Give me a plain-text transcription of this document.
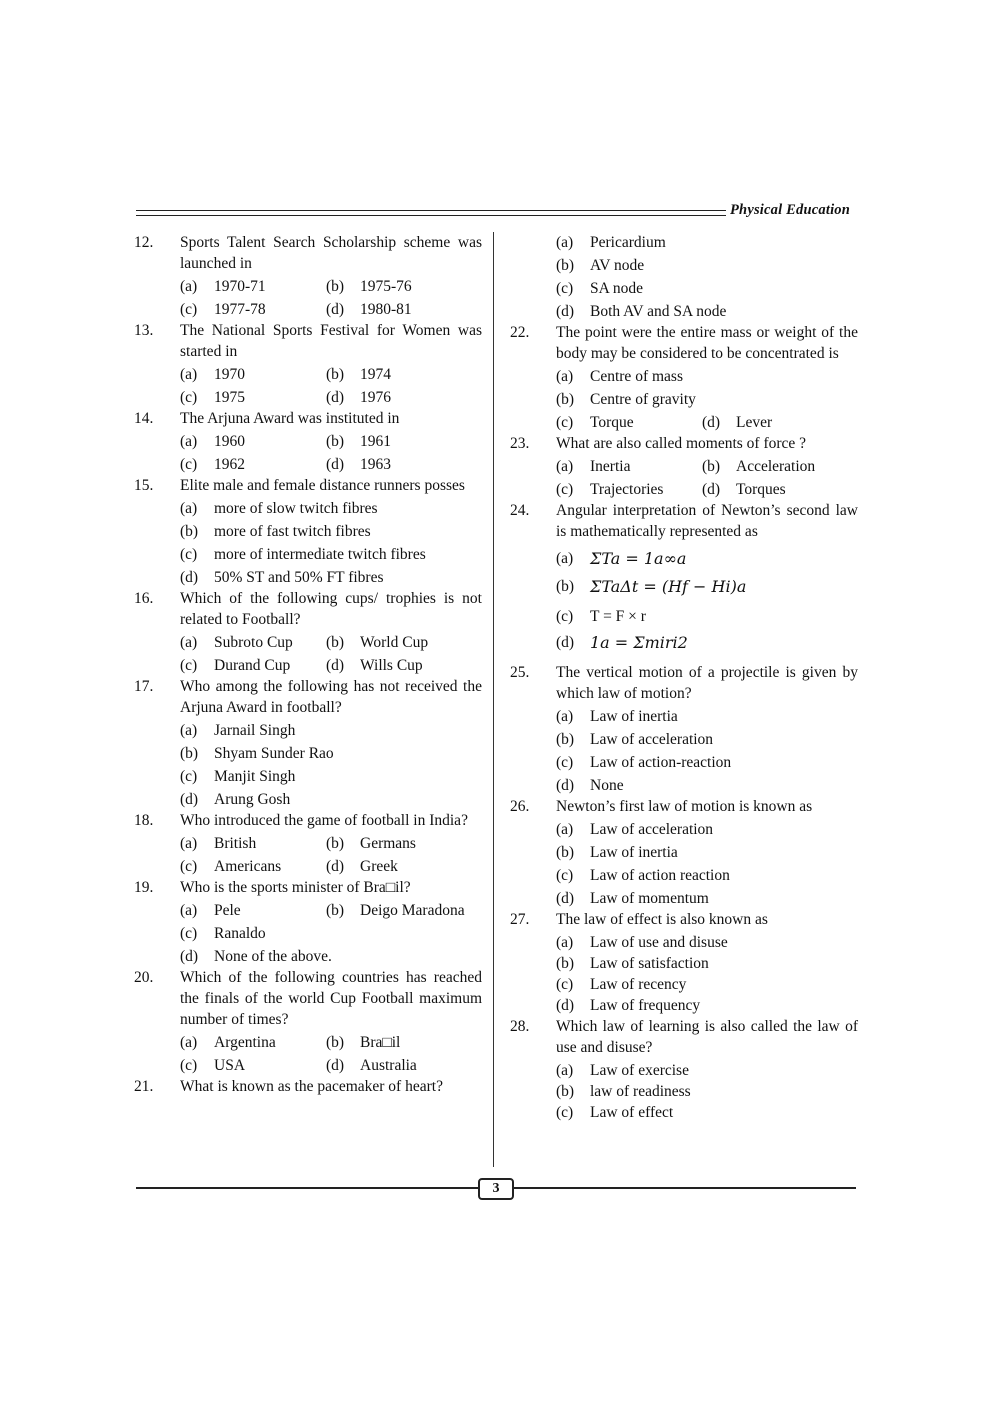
Physical Education
12. Sports Talent Search Scholarship scheme was launched in
(a)	1970-71	(b)	1975-76
(c)	1977-78	(d)	1980-81
13. The National Sports Festival for Women was started in
(a)	1970	(b)	1974
(c)	1975	(d)	1976
14. The Arjuna Award was instituted in
(a)	1960	(b)	1961
(c)	1962	(d)	1963
15. Elite male and female distance runners posses
(a)	more of slow twitch fibres
(b)	more of fast twitch fibres
(c)	more of intermediate twitch fibres
(d)	50% ST and 50% FT fibres
16. Which of the following cups/ trophies is not related to Football?
(a)	Subroto Cup (b)	World Cup
(c)	Durand Cup (d)	Wills Cup
17. Who among the following has not received the Arjuna Award in football?
(a)	Jarnail Singh
(b)	Shyam Sunder Rao
(c)	Manjit Singh
(d)	Arung Gosh
18. Who introduced the game of football in India?
(a)	British	(b)	Germans
(c)	Americans	(d)	Greek
19. Who is the sports minister of Bra□il?
(a)	Pele	(b)	Deigo Maradona
(c)	Ranaldo
(d)	None of the above.
20. Which of the following countries has reached the finals of the world Cup Football maximum number of times?
(a)	Argentina	(b)	Bra□il
(c)	USA	(d)	Australia
21. What is known as the pacemaker of heart?
(a)	Pericardium
(b)	AV node
(c)	SA node
(d)	Both AV and SA node
22. The point were the entire mass or weight of the body may be considered to be concentrated is
(a)	Centre of mass
(b)	Centre of gravity
(c)	Torque	(d)	Lever
23. What are also called moments of force ?
(a)	Inertia	(b)	Acceleration
(c)	Trajectories (d)	Torques
24. Angular interpretation of Newton’s second law is mathematically represented as
(a)	ΣTa = 1a∞a
(b) ΣTaΔt = (Hf − Hi)a
(c)	T = F × r
(d) 1a = Σmiri2
25. The vertical motion of a projectile is given by which law of motion?
(a)	Law of inertia
(b)	Law of acceleration
(c)	Law of action-reaction
(d)	None
26. Newton’s first law of motion is known as
(a)	Law of acceleration
(b)	Law of inertia
(c)	Law of action reaction
(d)	Law of momentum
27. The law of effect is also known as
(a)	Law of use and disuse
(b)	Law of satisfaction
(c)	Law of recency
(d)	Law of frequency
28. Which law of learning is also called the law of use and disuse?
(a)	Law of exercise
(b)	law of readiness
(c)	Law of effect
3
